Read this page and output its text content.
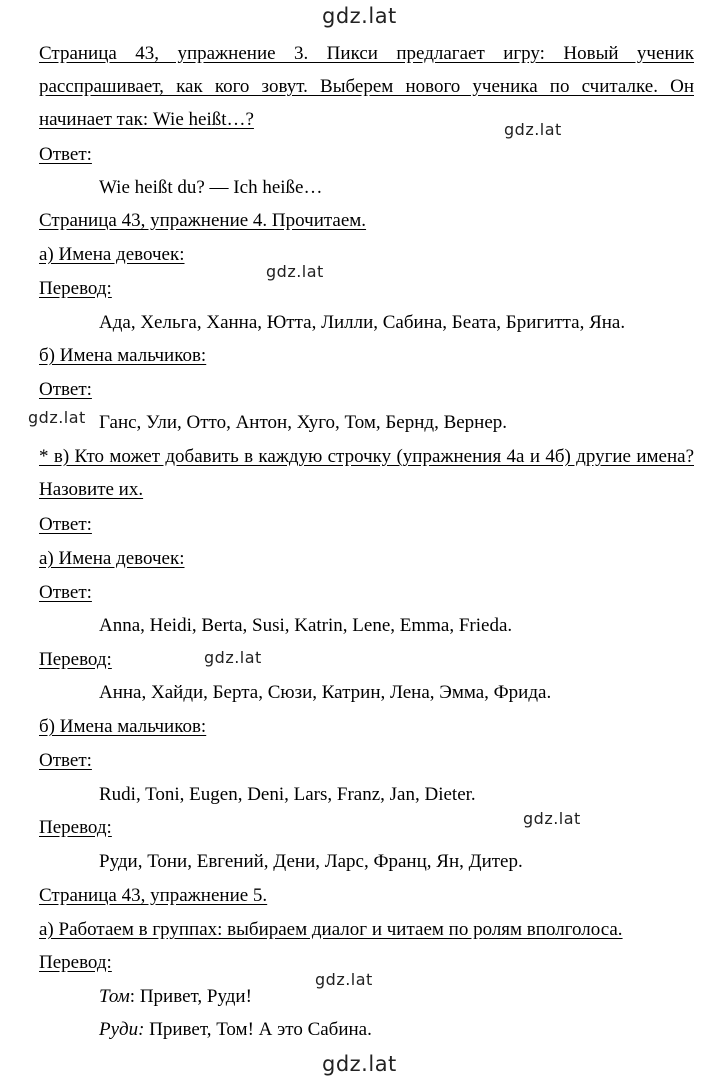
gdz.lat
gdz.lat
gdz.lat
gdz.lat
gdz.lat
gdz.lat
gdz.lat
gdz.lat
Страница 43, упражнение 3. Пикси предлагает игру: Новый ученик расспрашивает, как кого зовут. Выберем нового ученика по считалке. Он начинает так: Wie heißt…?
Ответ:
Wie heißt du? — Ich heiße…
Страница 43, упражнение 4. Прочитаем.
а) Имена девочек:
Перевод:
Ада, Хельга, Ханна, Ютта, Лилли, Сабина, Беата, Бригитта, Яна.
б) Имена мальчиков:
Ответ:
Ганс, Ули, Отто, Антон, Хуго, Том, Бернд, Вернер.
* в) Кто может добавить в каждую строчку (упражнения 4а и 4б) другие имена? Назовите их.
Ответ:
а) Имена девочек:
Ответ:
Anna, Heidi, Berta, Susi, Katrin, Lene, Emma, Frieda.
Перевод:
Анна, Хайди, Берта, Сюзи, Катрин, Лена, Эмма, Фрида.
б) Имена мальчиков:
Ответ:
Rudi, Toni, Eugen, Deni, Lars, Franz, Jan, Dieter.
Перевод:
Руди, Тони, Евгений, Дени, Ларс, Франц, Ян, Дитер.
Страница 43, упражнение 5.
а) Работаем в группах: выбираем диалог и читаем по ролям вполголоса.
Перевод:
Том: Привет, Руди!
Руди: Привет, Том! А это Сабина.
